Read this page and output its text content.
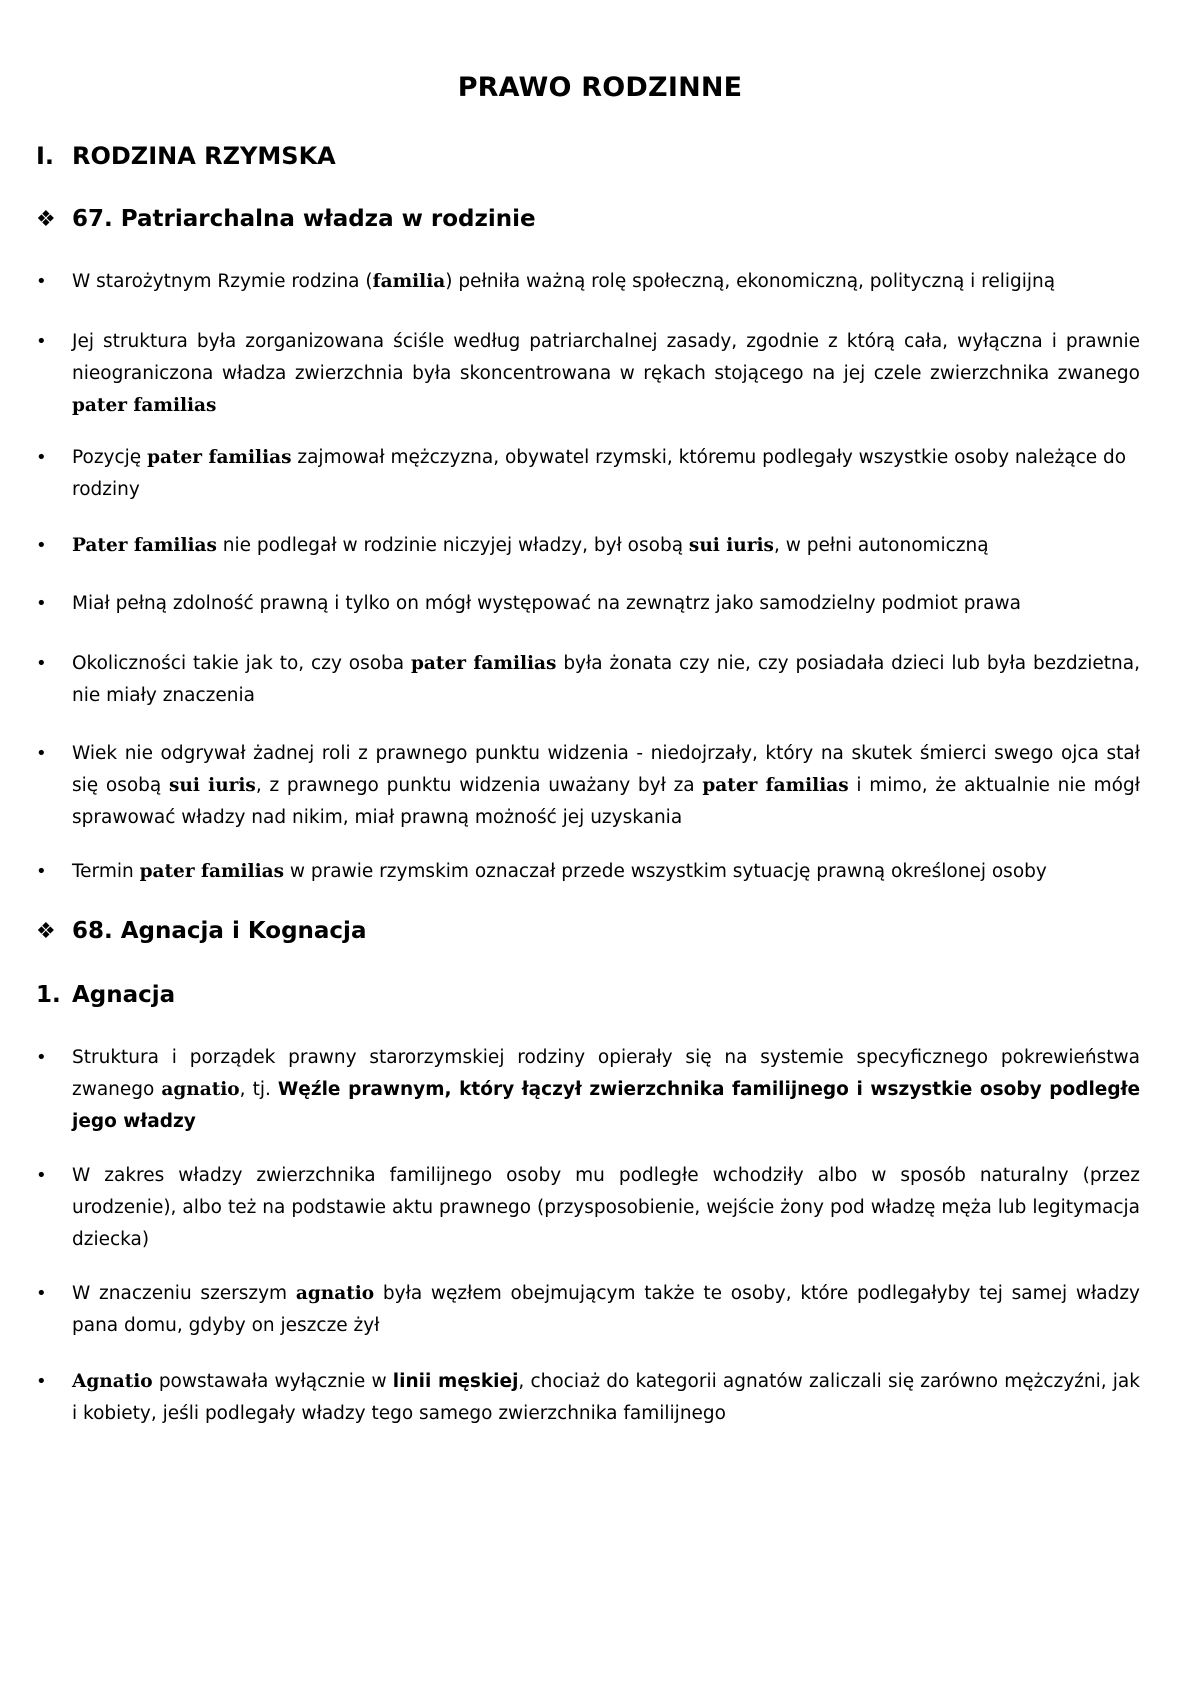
PRAWO RODZINNE
I. RODZINA RZYMSKA
❖ 67. Patriarchalna władza w rodzinie
•	W starożytnym Rzymie rodzina (familia) pełniła ważną rolę społeczną, ekonomiczną, polityczną i religijną
•	Jej struktura była zorganizowana ściśle według patriarchalnej zasady, zgodnie z którą cała, wyłączna i prawnie nieograniczona władza zwierzchnia była skoncentrowana w rękach stojącego na jej czele zwierzchnika zwanego pater familias
•	Pozycję pater familias zajmował mężczyzna, obywatel rzymski, któremu podlegały wszystkie osoby należące do rodziny
•	Pater familias nie podlegał w rodzinie niczyjej władzy, był osobą sui iuris, w pełni autonomiczną
•	Miał pełną zdolność prawną i tylko on mógł występować na zewnątrz jako samodzielny podmiot prawa
•	Okoliczności takie jak to, czy osoba pater familias była żonata czy nie, czy posiadała dzieci lub była bezdzietna, nie miały znaczenia
•	Wiek nie odgrywał żadnej roli z prawnego punktu widzenia - niedojrzały, który na skutek śmierci swego ojca stał się osobą sui iuris, z prawnego punktu widzenia uważany był za pater familias i mimo, że aktualnie nie mógł sprawować władzy nad nikim, miał prawną możność jej uzyskania
•	Termin pater familias w prawie rzymskim oznaczał przede wszystkim sytuację prawną określonej osoby
❖ 68. Agnacja i Kognacja
1. Agnacja
•	Struktura i porządek prawny starorzymskiej rodziny opierały się na systemie specyficznego pokrewieństwa zwanego agnatio, tj. Węźle prawnym, który łączył zwierzchnika familijnego i wszystkie osoby podległe jego władzy
•	W zakres władzy zwierzchnika familijnego osoby mu podległe wchodziły albo w sposób naturalny (przez urodzenie), albo też na podstawie aktu prawnego (przysposobienie, wejście żony pod władzę męża lub legitymacja dziecka)
•	W znaczeniu szerszym agnatio była węzłem obejmującym także te osoby, które podlegałyby tej samej władzy pana domu, gdyby on jeszcze żył
•	Agnatio powstawała wyłącznie w linii męskiej, chociaż do kategorii agnatów zaliczali się zarówno mężczyźni, jak i kobiety, jeśli podlegały władzy tego samego zwierzchnika familijnego
